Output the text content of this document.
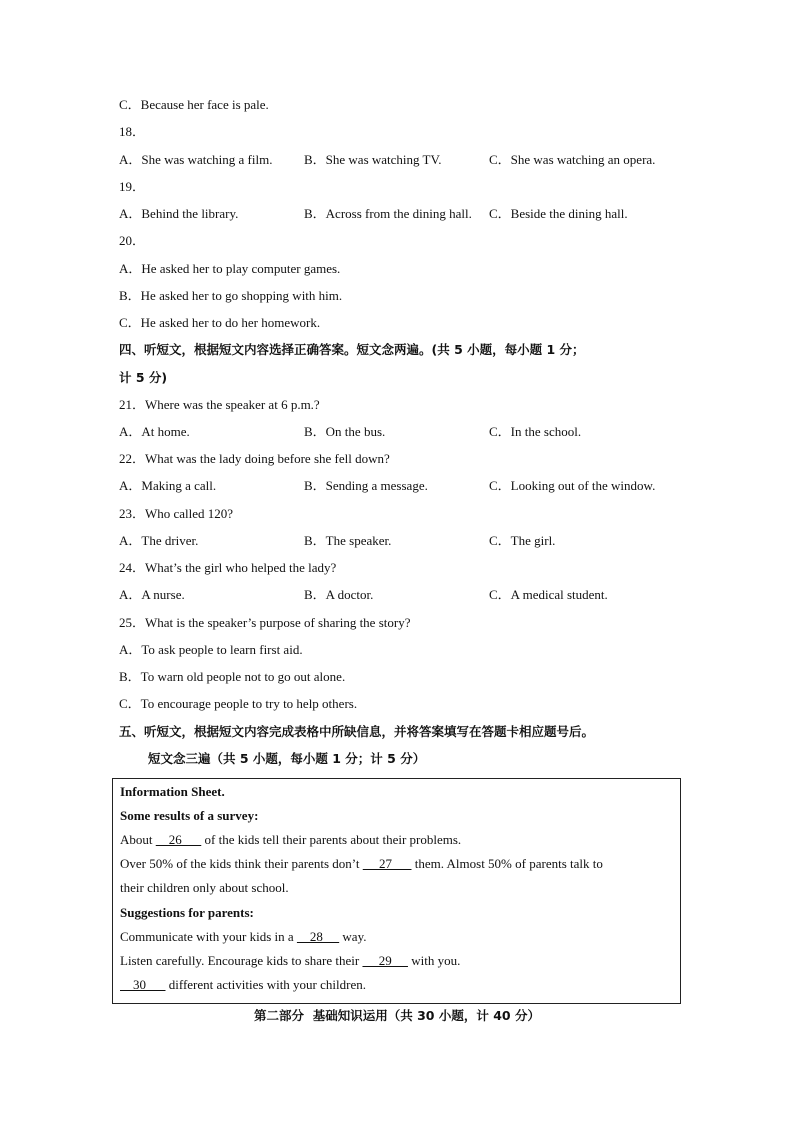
C．Because her face is pale.
18．
A．She was watching a film. B．She was watching TV.	C．She was watching an opera.
19．
A．Behind the library.	B．Across from the dining hall. C．Beside the dining hall.
20．
A．He asked her to play computer games.
B．He asked her to go shopping with him.
C．He asked her to do her homework.
四、听短文，根据短文内容选择正确答案。短文念两遍。(共 5 小题，每小题 1 分；
计 5 分)
21．Where was the speaker at 6 p.m.?
A．At home.	B．On the bus.	C．In the school.
22．What was the lady doing before she fell down?
A．Making a call.	B．Sending a message.	C．Looking out of the window.
23．Who called 120?
A．The driver.	B．The speaker.	C．The girl.
24．What’s the girl who helped the lady?
A．A nurse.	B．A doctor.	C．A medical student.
25．What is the speaker’s purpose of sharing the story?
A．To ask people to learn first aid.
B．To warn old people not to go out alone.
C．To encourage people to try to help others.
五、听短文，根据短文内容完成表格中所缺信息，并将答案填写在答题卡相应题号后。
短文念三遍（共 5 小题，每小题 1 分；计 5 分）
Information Sheet.
Some results of a survey:
About     26       of the kids tell their parents about their problems.
Over 50% of the kids think their parents don’t      27       them. Almost 50% of parents talk to
their children only about school.
Suggestions for parents:
Communicate with your kids in a     28      way.
Listen carefully. Encourage kids to share their      29      with you.
30       different activities with your children.
第二部分  基础知识运用（共 30 小题，计 40 分）
